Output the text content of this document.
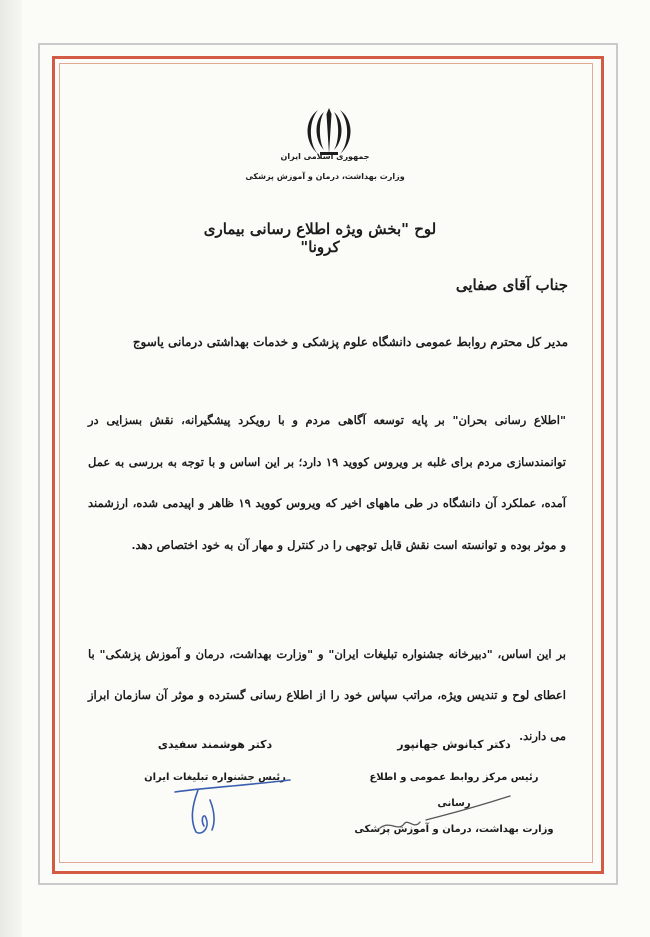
جمهوری اسلامی ایران
وزارت بهداشت، درمان و آموزش پزشکی
لوح "بخش ویژه اطلاع رسانی بیماری کرونا"
جناب آقای صفایی
مدیر کل محترم روابط عمومی دانشگاه علوم پزشکی و خدمات بهداشتی درمانی یاسوج
"اطلاع رسانی بحران" بر پایه توسعه آگاهی مردم و با رویکرد پیشگیرانه، نقش بسزایی در توانمندسازی مردم برای غلبه بر ویروس کووید ۱۹ دارد؛ بر این اساس و با توجه به بررسی به عمل آمده، عملکرد آن دانشگاه در طی ماههای اخیر که ویروس کووید ۱۹ ظاهر و اپیدمی شده، ارزشمند و موثر بوده و توانسته است نقش قابل توجهی را در کنترل و مهار آن به خود اختصاص دهد.
بر این اساس، "دبیرخانه جشنواره تبلیغات ایران" و "وزارت بهداشت، درمان و آموزش پزشکی" با اعطای لوح و تندیس ویژه، مراتب سپاس خود را از اطلاع رسانی گسترده و موثر آن سازمان ابراز می دارند.
دکتر کیانوش جهانپور
رئیس مرکز روابط عمومی و اطلاع رسانی
وزارت بهداشت، درمان و آموزش پزشکی
دکتر هوشمند سفیدی
رئیس جشنواره تبلیغات ایران
